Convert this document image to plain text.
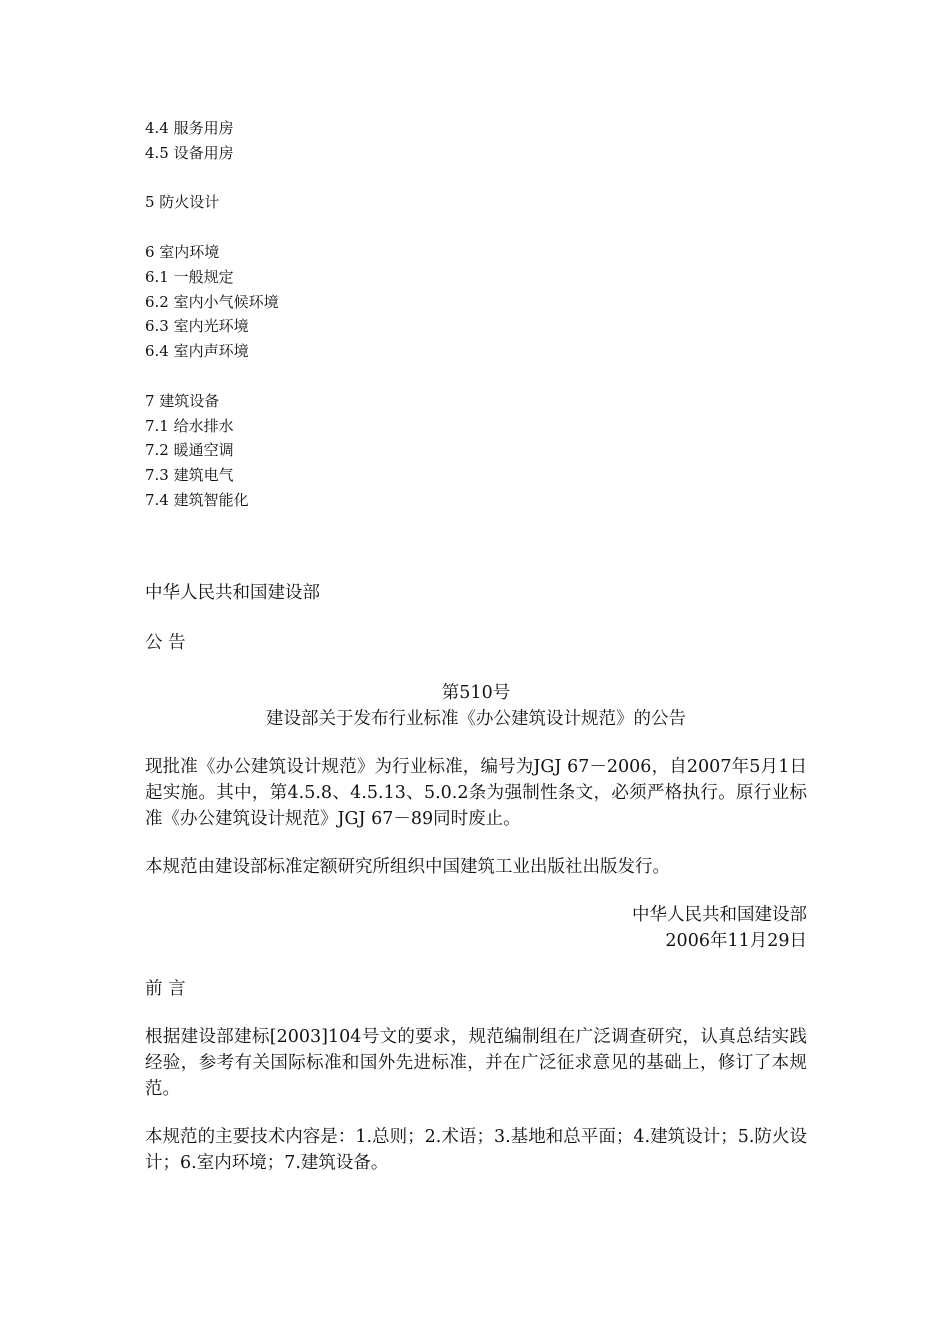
4.4 服务用房
4.5 设备用房
5 防火设计
6 室内环境
6.1 一般规定
6.2 室内小气候环境
6.3 室内光环境
6.4 室内声环境
7 建筑设备
7.1 给水排水
7.2 暖通空调
7.3 建筑电气
7.4 建筑智能化

中华人民共和国建设部

公 告

第510号

建设部关于发布行业标准《办公建筑设计规范》的公告

现批准《办公建筑设计规范》为行业标准，编号为JGJ 67－2006，自2007年5月1日起实施。其中，第4.5.8、4.5.13、5.0.2条为强制性条文，必须严格执行。原行业标准《办公建筑设计规范》JGJ 67－89同时废止。

本规范由建设部标准定额研究所组织中国建筑工业出版社出版发行。

中华人民共和国建设部

2006年11月29日

前 言

根据建设部建标[2003]104号文的要求，规范编制组在广泛调查研究，认真总结实践经验，参考有关国际标准和国外先进标准，并在广泛征求意见的基础上，修订了本规范。

本规范的主要技术内容是：1.总则；2.术语；3.基地和总平面；4.建筑设计；5.防火设计；6.室内环境；7.建筑设备。
